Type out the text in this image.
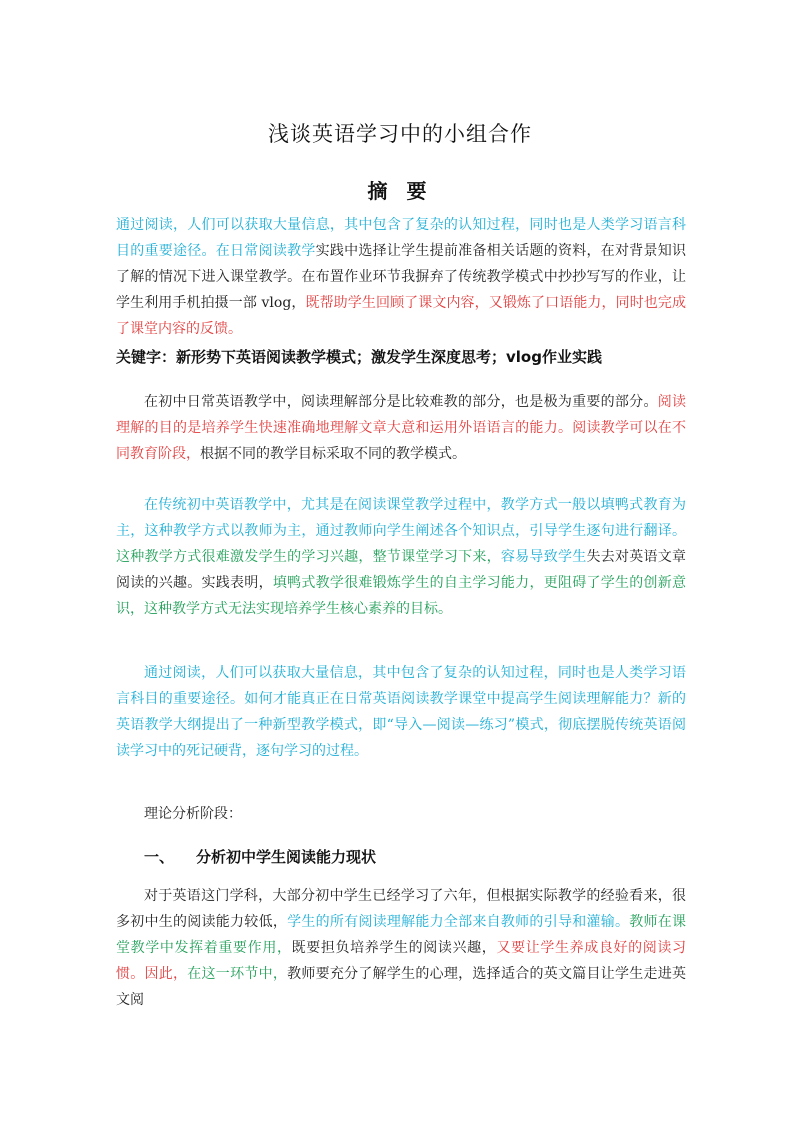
浅谈英语学习中的小组合作
摘 要
通过阅读，人们可以获取大量信息，其中包含了复杂的认知过程，同时也是人类学习语言科目的重要途径。在日常阅读教学实践中选择让学生提前准备相关话题的资料，在对背景知识了解的情况下进入课堂教学。在布置作业环节我摒弃了传统教学模式中抄抄写写的作业，让学生利用手机拍摄一部 vlog，既帮助学生回顾了课文内容，又锻炼了口语能力，同时也完成了课堂内容的反馈。
关键字：新形势下英语阅读教学模式；激发学生深度思考；vlog作业实践
在初中日常英语教学中，阅读理解部分是比较难教的部分，也是极为重要的部分。阅读理解的目的是培养学生快速准确地理解文章大意和运用外语语言的能力。阅读教学可以在不同教育阶段，根据不同的教学目标采取不同的教学模式。
在传统初中英语教学中，尤其是在阅读课堂教学过程中，教学方式一般以填鸭式教育为主，这种教学方式以教师为主，通过教师向学生阐述各个知识点，引导学生逐句进行翻译。这种教学方式很难激发学生的学习兴趣，整节课堂学习下来，容易导致学生失去对英语文章阅读的兴趣。实践表明，填鸭式教学很难锻炼学生的自主学习能力，更阻碍了学生的创新意识，这种教学方式无法实现培养学生核心素养的目标。
通过阅读，人们可以获取大量信息，其中包含了复杂的认知过程，同时也是人类学习语言科目的重要途径。如何才能真正在日常英语阅读教学课堂中提高学生阅读理解能力？新的英语教学大纲提出了一种新型教学模式，即“导入—阅读—练习”模式，彻底摆脱传统英语阅读学习中的死记硬背，逐句学习的过程。
理论分析阶段：
一、 分析初中学生阅读能力现状
对于英语这门学科，大部分初中学生已经学习了六年，但根据实际教学的经验看来，很多初中生的阅读能力较低，学生的所有阅读理解能力全部来自教师的引导和灌输。教师在课堂教学中发挥着重要作用，既要担负培养学生的阅读兴趣，又要让学生养成良好的阅读习惯。因此，在这一环节中，教师要充分了解学生的心理，选择适合的英文篇目让学生走进英文阅
